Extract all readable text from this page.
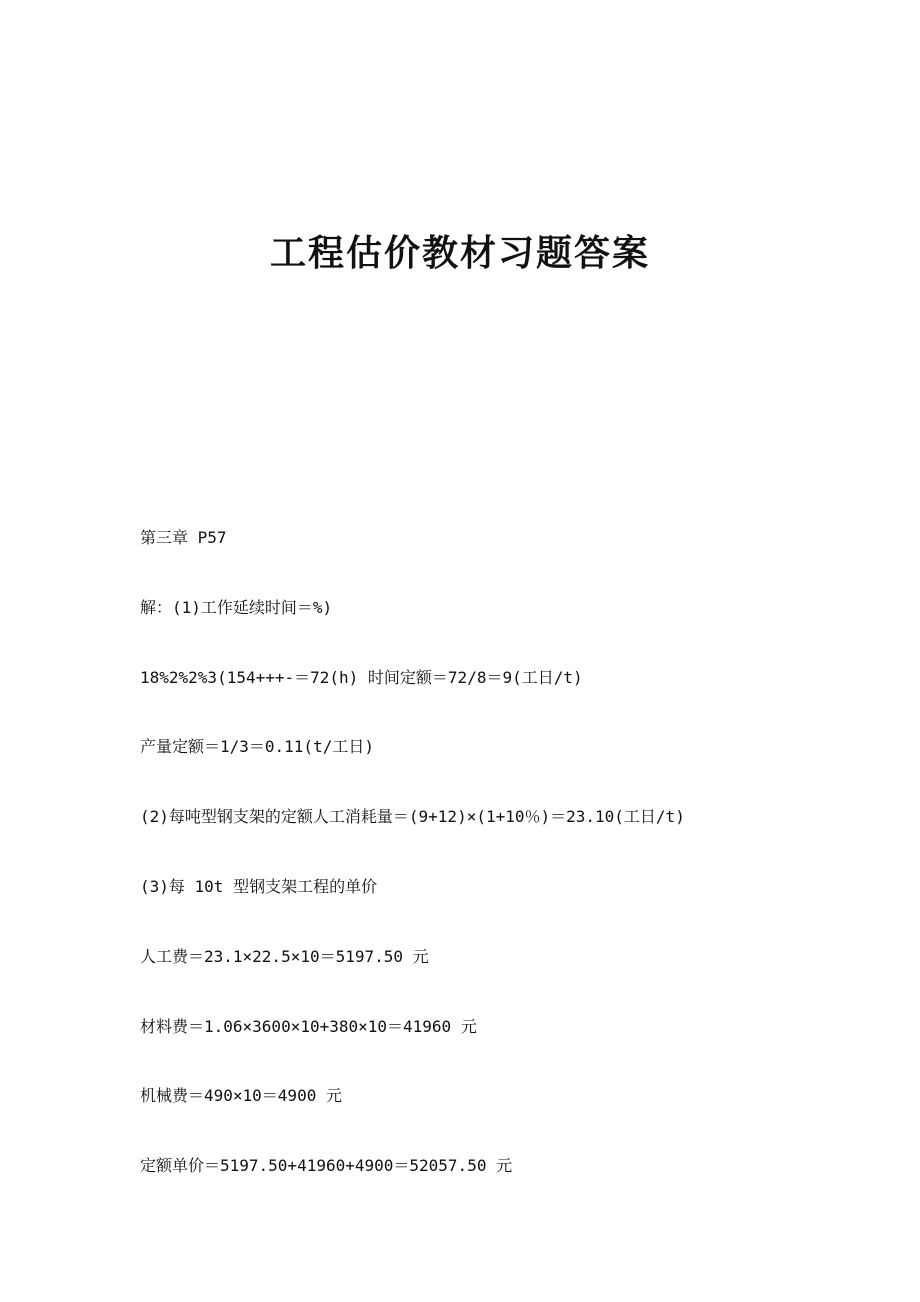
工程估价教材习题答案
第三章 P57
解：(1)工作延续时间＝%)
18%2%2%3(154+++-＝72(h) 时间定额＝72/8＝9(工日/t)
产量定额＝1/3＝0.11(t/工日)
(2)每吨型钢支架的定额人工消耗量＝(9+12)×(1+10％)＝23.10(工日/t)
(3)每 10t 型钢支架工程的单价
人工费＝23.1×22.5×10＝5197.50 元
材料费＝1.06×3600×10+380×10＝41960 元
机械费＝490×10＝4900 元
定额单价＝5197.50+41960+4900＝52057.50 元
